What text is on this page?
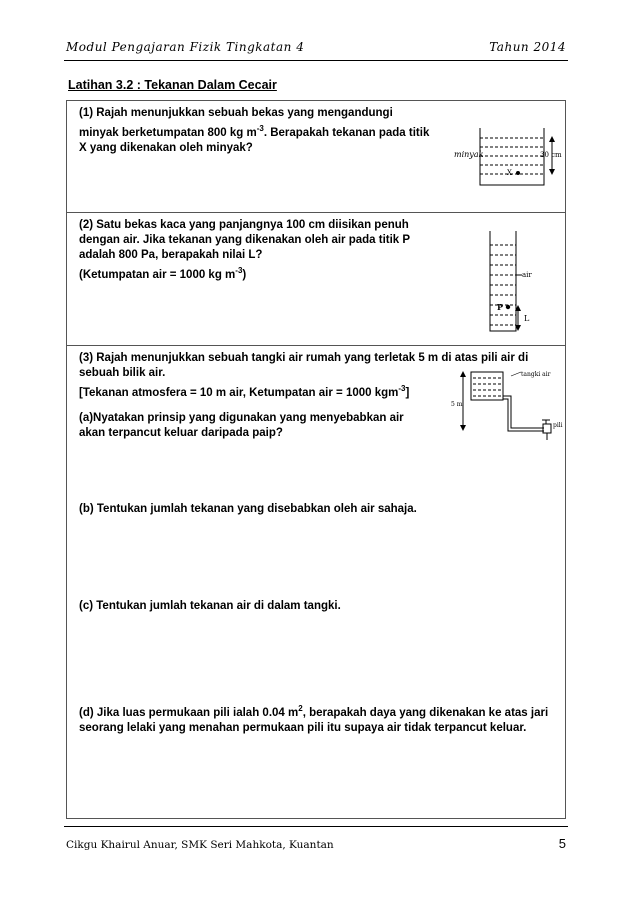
Modul Pengajaran Fizik Tingkatan 4	Tahun 2014
Latihan 3.2 : Tekanan Dalam Cecair
(1) Rajah menunjukkan sebuah bekas yang mengandungi
minyak berketumpatan 800 kg $m^{-3}$. Berapakah tekanan pada titik
X yang dikenakan oleh minyak?
minyak	30 cm
X
(2) Satu bekas kaca yang panjangnya 100 cm diisikan penuh
dengan air. Jika tekanan yang dikenakan oleh air pada titik P
adalah 800 Pa, berapakah nilai L?
(Ketumpatan air = 1000 kg $m^{-3}$)	air
P
L
(3) Rajah menunjukkan sebuah tangki air rumah yang terletak 5 m di atas pili air di
sebuah bilik air.
[Tekanan atmosfera = 10 m air, Ketumpatan air = 1000 kgm$^{-3}$]
(a)Nyatakan prinsip yang digunakan yang menyebabkan air
akan terpancut keluar daripada paip?
(b) Tentukan jumlah tekanan yang disebabkan oleh air sahaja.
(c) Tentukan jumlah tekanan air di dalam tangki.
(d) Jika luas permukaan pili ialah 0.04 $m^2$, berapakah daya yang dikenakan ke atas jari
seorang lelaki yang menahan permukaan pili itu supaya air tidak terpancut keluar.
tangki air
5 m
pili
Cikgu Khairul Anuar, SMK Seri Mahkota, Kuantan	5
